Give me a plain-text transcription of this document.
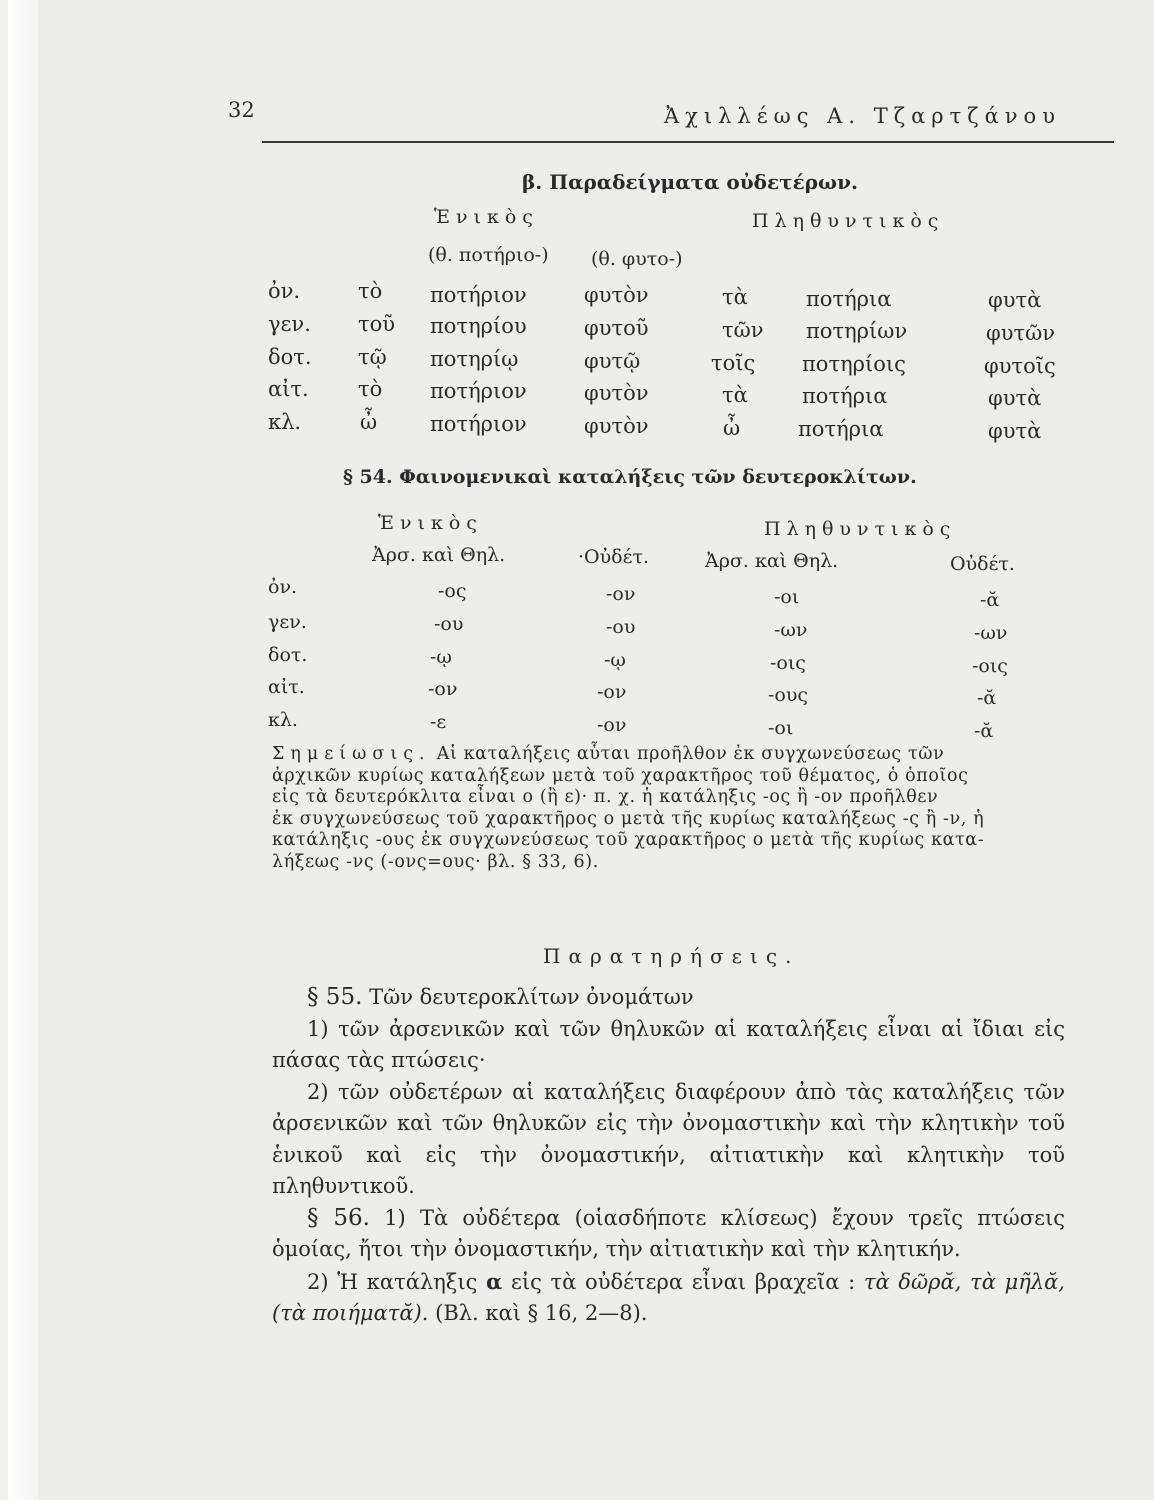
32	Ἀχιλλέως Α. Τζαρτζάνου
β. Παραδείγματα οὐδετέρων.
Ἑνικὸς	Πληθυντικὸς
(θ. ποτήριο-) (θ. φυτο-)
ὀν.	τὸ ποτήριον	φυτὸν	τὰ	ποτήρια	φυτὰ
γεν. τοῦ ποτηρίου	φυτοῦ	τῶν ποτηρίων	φυτῶν
δοτ. τῷ ποτηρίῳ	φυτῷ	τοῖς ποτηρίοις	φυτοῖς
αἰτ. τὸ ποτήριον	φυτὸν	τὰ	ποτήρια	φυτὰ
κλ.	ὦ	ποτήριον	φυτὸν	ὦ	ποτήρια	φυτὰ
§ 54. Φαινομενικαὶ καταλήξεις τῶν δευτεροκλίτων.
Ἑνικὸς	Πληθυντικὸς
Ἀρσ. καὶ Θηλ.	·Οὐδέτ.	Ἀρσ. καὶ Θηλ.	Οὐδέτ.
ὀν.	-ος	-ον	-οι	-ᾰ
γεν.	-ου	-ου	-ων	-ων
δοτ.	-ῳ	-ῳ	-οις	-οις
αἰτ.	-ον	-ον	-ους	-ᾰ
κλ.	-ε	-ον	-οι	-ᾰ
Σημείωσις. Αἱ καταλήξεις αὗται προῆλθον ἐκ συγχωνεύσεως τῶν
ἀρχικῶν κυρίως καταλήξεων μετὰ τοῦ χαρακτῆρος τοῦ θέματος, ὁ ὁποῖος
εἰς τὰ δευτερόκλιτα εἶναι ο (ἢ ε)· π. χ. ἡ κατάληξις -ος ἢ -ον προῆλθεν
ἐκ συγχωνεύσεως τοῦ χαρακτῆρος ο μετὰ τῆς κυρίως καταλήξεως -ς ἢ -ν, ἡ
κατάληξις -ους ἐκ συγχωνεύσεως τοῦ χαρακτῆρος ο μετὰ τῆς κυρίως κατα-
λήξεως -νς (-ονς=ους· βλ. § 33, 6).
Παρατηρήσεις.
§ 55. Τῶν δευτεροκλίτων ὀνομάτων
1) τῶν ἀρσενικῶν καὶ τῶν θηλυκῶν αἱ καταλήξεις εἶναι αἱ ἴδιαι εἰς πάσας τὰς πτώσεις·
2) τῶν οὐδετέρων αἱ καταλήξεις διαφέρουν ἀπὸ τὰς καταλήξεις τῶν ἀρσενικῶν καὶ τῶν θηλυκῶν εἰς τὴν ὀνομαστικὴν καὶ τὴν κλητικὴν τοῦ ἑνικοῦ καὶ εἰς τὴν ὀνομαστικήν, αἰτιατικὴν καὶ κλητικὴν τοῦ πληθυντικοῦ.
§ 56. 1) Τὰ οὐδέτερα (οἱασδήποτε κλίσεως) ἔχουν τρεῖς πτώσεις ὁμοίας, ἤτοι τὴν ὀνομαστικήν, τὴν αἰτιατικὴν καὶ τὴν κλητικήν.
2) Ἡ κατάληξις α εἰς τὰ οὐδέτερα εἶναι βραχεῖα : τὰ δῶρᾰ, τὰ μῆλᾰ, (τὰ ποιήματᾰ). (Βλ. καὶ § 16, 2—8).
